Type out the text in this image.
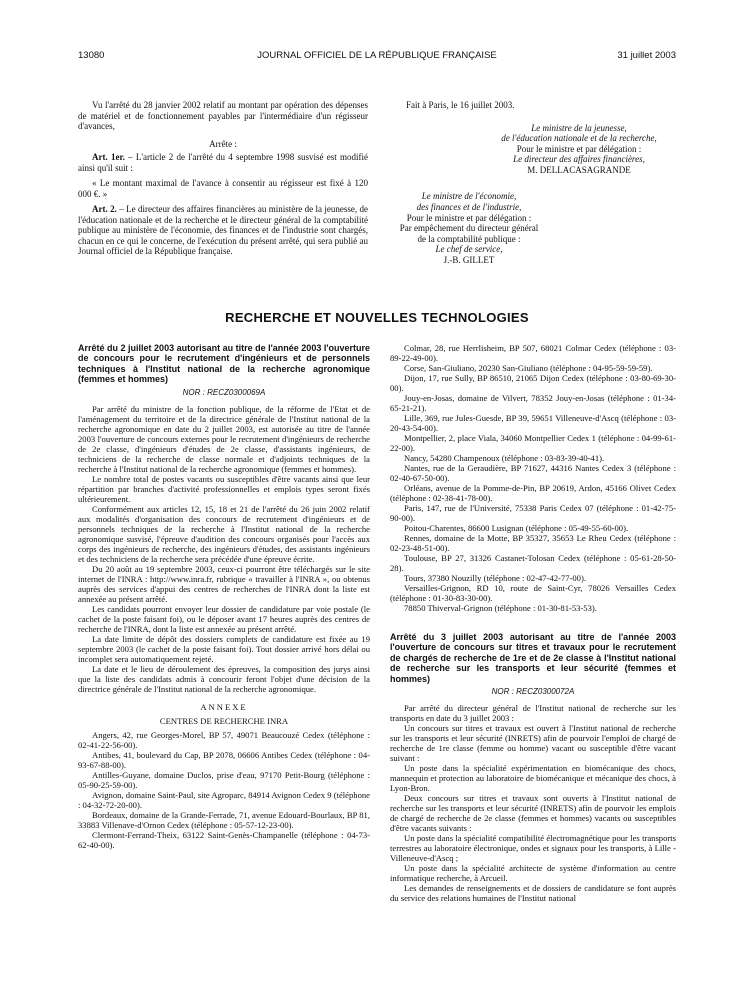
13080	JOURNAL OFFICIEL DE LA RÉPUBLIQUE FRANÇAISE	31 juillet 2003

Vu l'arrêté du 28 janvier 2002 relatif au montant par opération des dépenses de matériel et de fonctionnement payables par l'intermédiaire d'un régisseur d'avances,

Arrête :

Art. 1er. – L'article 2 de l'arrêté du 4 septembre 1998 susvisé est modifié ainsi qu'il suit :

« Le montant maximal de l'avance à consentir au régisseur est fixé à 120 000 €. »

Art. 2. – Le directeur des affaires financières au ministère de la jeunesse, de l'éducation nationale et de la recherche et le directeur général de la comptabilité publique au ministère de l'économie, des finances et de l'industrie sont chargés, chacun en ce qui le concerne, de l'exécution du présent arrêté, qui sera publié au Journal officiel de la République française.

Fait à Paris, le 16 juillet 2003.

Le ministre de la jeunesse,
de l'éducation nationale et de la recherche,
Pour le ministre et par délégation :
Le directeur des affaires financières,
M. DELLACASAGRANDE
Le ministre de l'économie,
des finances et de l'industrie,
Pour le ministre et par délégation :
Par empêchement du directeur général
de la comptabilité publique :
Le chef de service,
J.-B. GILLET
RECHERCHE ET NOUVELLES TECHNOLOGIES

Arrêté du 2 juillet 2003 autorisant au titre de l'année 2003 l'ouverture de concours pour le recrutement d'ingénieurs et de personnels techniques à l'Institut national de la recherche agronomique (femmes et hommes)

NOR : RECZ0300069A

Par arrêté du ministre de la fonction publique, de la réforme de l'Etat et de l'aménagement du territoire et de la directrice générale de l'Institut national de la recherche agronomique en date du 2 juillet 2003, est autorisée au titre de l'année 2003 l'ouverture de concours externes pour le recrutement d'ingénieurs de recherche de 2e classe, d'ingénieurs d'études de 2e classe, d'assistants ingénieurs, de techniciens de la recherche de classe normale et d'adjoints techniques de la recherche à l'Institut national de la recherche agronomique (femmes et hommes).

Le nombre total de postes vacants ou susceptibles d'être vacants ainsi que leur répartition par branches d'activité professionnelles et emplois types seront fixés ultérieurement.

Conformément aux articles 12, 15, 18 et 21 de l'arrêté du 26 juin 2002 relatif aux modalités d'organisation des concours de recrutement d'ingénieurs et de personnels techniques de la recherche à l'Institut national de la recherche agronomique susvisé, l'épreuve d'audition des concours organisés pour l'accès aux corps des ingénieurs de recherche, des ingénieurs d'études, des assistants ingénieurs et des techniciens de la recherche sera précédée d'une épreuve écrite.

Du 20 août au 19 septembre 2003, ceux-ci pourront être téléchargés sur le site internet de l'INRA : http://www.inra.fr, rubrique « travailler à l'INRA », ou obtenus auprès des services d'appui des centres de recherches de l'INRA dont la liste est annexée au présent arrêté.

Les candidats pourront envoyer leur dossier de candidature par voie postale (le cachet de la poste faisant foi), ou le déposer avant 17 heures auprès des centres de recherche de l'INRA, dont la liste est annexée au présent arrêté.

La date limite de dépôt des dossiers complets de candidature est fixée au 19 septembre 2003 (le cachet de la poste faisant foi). Tout dossier arrivé hors délai ou incomplet sera automatiquement rejeté.

La date et le lieu de déroulement des épreuves, la composition des jurys ainsi que la liste des candidats admis à concourir feront l'objet d'une décision de la directrice générale de l'Institut national de la recherche agronomique.

ANNEXE

CENTRES DE RECHERCHE INRA

Angers, 42, rue Georges-Morel, BP 57, 49071 Beaucouzé Cedex (téléphone : 02-41-22-56-00).

Antibes, 41, boulevard du Cap, BP 2078, 06606 Antibes Cedex (téléphone : 04-93-67-88-00).

Antilles-Guyane, domaine Duclos, prise d'eau, 97170 Petit-Bourg (téléphone : 05-90-25-59-00).

Avignon, domaine Saint-Paul, site Agroparc, 84914 Avignon Cedex 9 (téléphone : 04-32-72-20-00).

Bordeaux, domaine de la Grande-Ferrade, 71, avenue Edouard-Bourlaux, BP 81, 33883 Villenave-d'Ornon Cedex (téléphone : 05-57-12-23-00).

Clermont-Ferrand-Theix, 63122 Saint-Genès-Champanelle (téléphone : 04-73-62-40-00).

Colmar, 28, rue Herrlisheim, BP 507, 68021 Colmar Cedex (téléphone : 03-89-22-49-00).

Corse, San-Giuliano, 20230 San-Giuliano (téléphone : 04-95-59-59-59).

Dijon, 17, rue Sully, BP 86510, 21065 Dijon Cedex (téléphone : 03-80-69-30-00).

Jouy-en-Josas, domaine de Vilvert, 78352 Jouy-en-Josas (téléphone : 01-34-65-21-21).

Lille, 369, rue Jules-Guesde, BP 39, 59651 Villeneuve-d'Ascq (téléphone : 03-20-43-54-00).

Montpellier, 2, place Viala, 34060 Montpellier Cedex 1 (téléphone : 04-99-61-22-00).

Nancy, 54280 Champenoux (téléphone : 03-83-39-40-41).

Nantes, rue de la Geraudière, BP 71627, 44316 Nantes Cedex 3 (téléphone : 02-40-67-50-00).

Orléans, avenue de la Pomme-de-Pin, BP 20619, Ardon, 45166 Olivet Cedex (téléphone : 02-38-41-78-00).

Paris, 147, rue de l'Université, 75338 Paris Cedex 07 (téléphone : 01-42-75-90-00).

Poitou-Charentes, 86600 Lusignan (téléphone : 05-49-55-60-00).

Rennes, domaine de la Motte, BP 35327, 35653 Le Rheu Cedex (téléphone : 02-23-48-51-00).

Toulouse, BP 27, 31326 Castanet-Tolosan Cedex (téléphone : 05-61-28-50-28).

Tours, 37380 Nouzilly (téléphone : 02-47-42-77-00).

Versailles-Grignon, RD 10, route de Saint-Cyr, 78026 Versailles Cedex (téléphone : 01-30-83-30-00).

78850 Thiverval-Grignon (téléphone : 01-30-81-53-53).

Arrêté du 3 juillet 2003 autorisant au titre de l'année 2003 l'ouverture de concours sur titres et travaux pour le recrutement de chargés de recherche de 1re et de 2e classe à l'Institut national de recherche sur les transports et leur sécurité (femmes et hommes)

NOR : RECZ0300072A

Par arrêté du directeur général de l'Institut national de recherche sur les transports en date du 3 juillet 2003 :

Un concours sur titres et travaux est ouvert à l'Institut national de recherche sur les transports et leur sécurité (INRETS) afin de pourvoir l'emploi de chargé de recherche de 1re classe (femme ou homme) vacant ou susceptible d'être vacant suivant :

Un poste dans la spécialité expérimentation en biomécanique des chocs, mannequin et protection au laboratoire de biomécanique et mécanique des chocs, à Lyon-Bron.

Deux concours sur titres et travaux sont ouverts à l'Institut national de recherche sur les transports et leur sécurité (INRETS) afin de pourvoir les emplois de chargé de recherche de 2e classe (femmes et hommes) vacants ou susceptibles d'être vacants suivants :

Un poste dans la spécialité compatibilité électromagnétique pour les transports terrestres au laboratoire électronique, ondes et signaux pour les transports, à Lille - Villeneuve-d'Ascq ;

Un poste dans la spécialité architecte de système d'information au centre informatique recherche, à Arcueil.

Les demandes de renseignements et de dossiers de candidature se font auprès du service des relations humaines de l'Institut national
